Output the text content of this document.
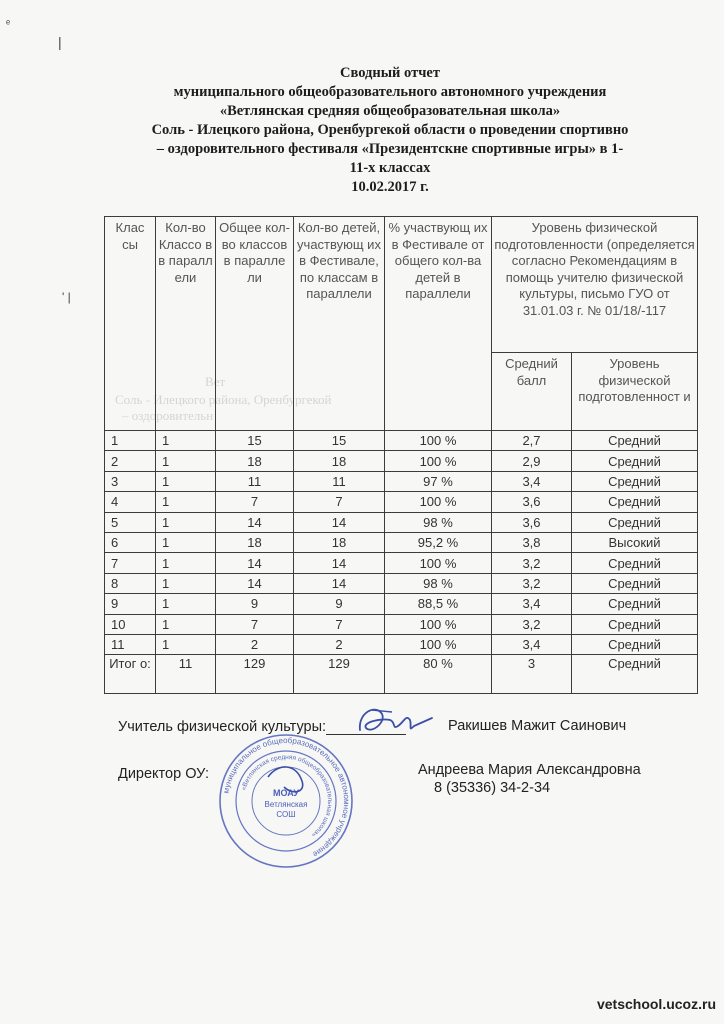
Вет
Соль - Илецкого района, Оренбургекой
– оздоровительн
ᵉ
|
' |
Сводный отчет
муниципального общеобразовательного автономного учреждения
«Ветлянская средняя общеобразовательная школа»
Соль - Илецкого района, Оренбургекой области о проведении спортивно
– оздоровительного фестиваля «Президентскне спортивные игры» в 1-
11-х классах
10.02.2017 г.
Клас сы	Кол-во Классо в в паралл ели	Общее кол-во классов в паралле ли	Кол-во детей, участвующ их в Фестивале, по классам в параллели	% участвующ их в Фестивале от общего кол-ва детей в параллели	Уровень физической подготовленности (определяется согласно Рекомендациям в помощь учителю физической культуры, письмо ГУО от 31.01.03 г. № 01/18/-117	
					Средний балл	Уровень физической подготовленност и
1	1	15	15	100 %	2,7	Средний
2	1	18	18	100 %	2,9	Средний
3	1	11	11	97 %	3,4	Средний
4	1	7	7	100 %	3,6	Средний
5	1	14	14	98 %	3,6	Средний
6	1	18	18	95,2 %	3,8	Высокий
7	1	14	14	100 %	3,2	Средний
8	1	14	14	98 %	3,2	Средний
9	1	9	9	88,5 %	3,4	Средний
10	1	7	7	100 %	3,2	Средний
11	1	2	2	100 %	3,4	Средний
Итог о:	11	129	129	80 %	3	Средний
Учитель физической культуры:	Ракишев Мажит Саинович
Директор ОУ:	Андреева Мария Александровна
8 (35336) 34-2-34
муниципальное общеобразовательное автономное учреждение
«Ветлянская средняя общеобразовательная школа»
МОАУ
Ветлянская
СОШ
vetschool.ucoz.ru
